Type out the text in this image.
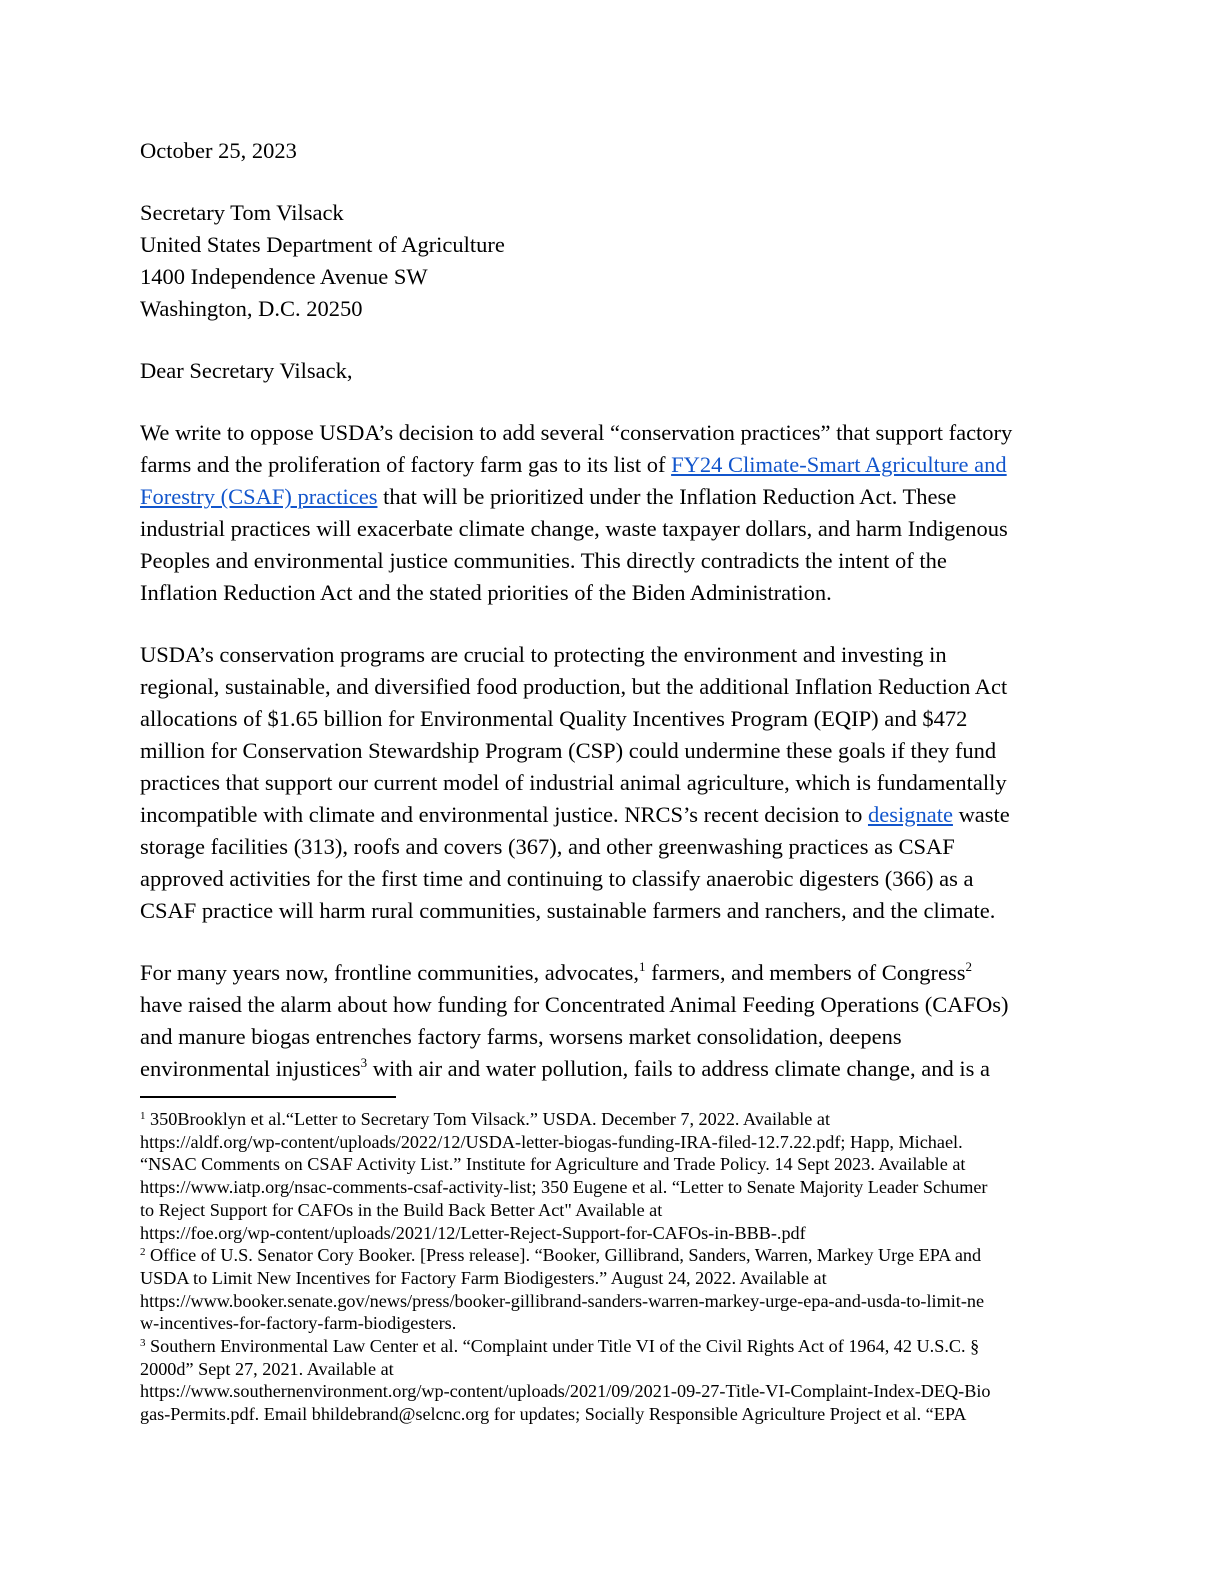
October 25, 2023
Secretary Tom Vilsack
United States Department of Agriculture
1400 Independence Avenue SW
Washington, D.C. 20250
Dear Secretary Vilsack,
We write to oppose USDA’s decision to add several “conservation practices” that support factory
farms and the proliferation of factory farm gas to its list of FY24 Climate-Smart Agriculture and
Forestry (CSAF) practices that will be prioritized under the Inflation Reduction Act. These
industrial practices will exacerbate climate change, waste taxpayer dollars, and harm Indigenous
Peoples and environmental justice communities. This directly contradicts the intent of the
Inflation Reduction Act and the stated priorities of the Biden Administration.
USDA’s conservation programs are crucial to protecting the environment and investing in
regional, sustainable, and diversified food production, but the additional Inflation Reduction Act
allocations of $1.65 billion for Environmental Quality Incentives Program (EQIP) and $472
million for Conservation Stewardship Program (CSP) could undermine these goals if they fund
practices that support our current model of industrial animal agriculture, which is fundamentally
incompatible with climate and environmental justice. NRCS’s recent decision to designate waste
storage facilities (313), roofs and covers (367), and other greenwashing practices as CSAF
approved activities for the first time and continuing to classify anaerobic digesters (366) as a
CSAF practice will harm rural communities, sustainable farmers and ranchers, and the climate.
For many years now, frontline communities, advocates,$^1$ farmers, and members of Congress$^2$
have raised the alarm about how funding for Concentrated Animal Feeding Operations (CAFOs)
and manure biogas entrenches factory farms, worsens market consolidation, deepens
environmental injustices$^3$ with air and water pollution, fails to address climate change, and is a
$^1$ 350Brooklyn et al.“Letter to Secretary Tom Vilsack.” USDA. December 7, 2022. Available at
https://aldf.org/wp-content/uploads/2022/12/USDA-letter-biogas-funding-IRA-filed-12.7.22.pdf; Happ, Michael.
“NSAC Comments on CSAF Activity List.” Institute for Agriculture and Trade Policy. 14 Sept 2023. Available at
https://www.iatp.org/nsac-comments-csaf-activity-list; 350 Eugene et al. “Letter to Senate Majority Leader Schumer
to Reject Support for CAFOs in the Build Back Better Act" Available at
https://foe.org/wp-content/uploads/2021/12/Letter-Reject-Support-for-CAFOs-in-BBB-.pdf
$^2$ Office of U.S. Senator Cory Booker. [Press release]. “Booker, Gillibrand, Sanders, Warren, Markey Urge EPA and
USDA to Limit New Incentives for Factory Farm Biodigesters.” August 24, 2022. Available at
https://www.booker.senate.gov/news/press/booker-gillibrand-sanders-warren-markey-urge-epa-and-usda-to-limit-ne
w-incentives-for-factory-farm-biodigesters.
$^3$ Southern Environmental Law Center et al. “Complaint under Title VI of the Civil Rights Act of 1964, 42 U.S.C. §
2000d” Sept 27, 2021. Available at
https://www.southernenvironment.org/wp-content/uploads/2021/09/2021-09-27-Title-VI-Complaint-Index-DEQ-Bio
gas-Permits.pdf. Email bhildebrand@selcnc.org for updates; Socially Responsible Agriculture Project et al. “EPA
